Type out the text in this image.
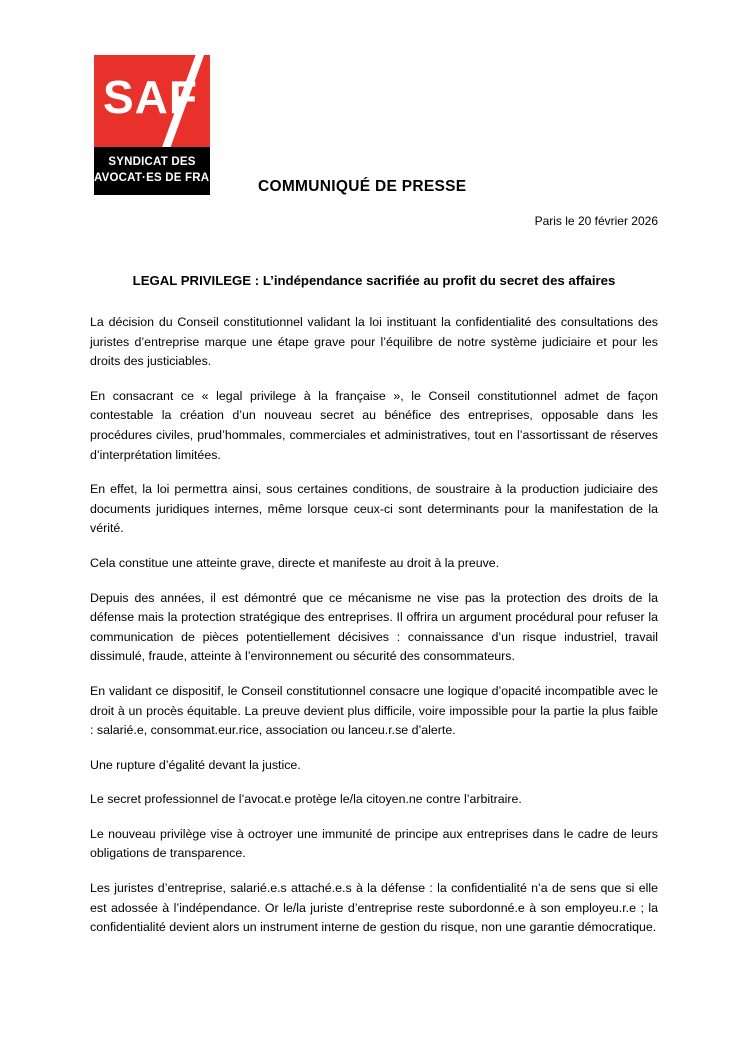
SAF
SYNDICAT DES
AVOCAT·ES DE FRANCE COMMUNIQUÉ DE PRESSE
Paris le 20 février 2026
LEGAL PRIVILEGE : L’indépendance sacrifiée au profit du secret des affaires

La décision du Conseil constitutionnel validant la loi instituant la confidentialité des consultations des juristes d’entreprise marque une étape grave pour l’équilibre de notre système judiciaire et pour les droits des justiciables.

En consacrant ce « legal privilege à la française », le Conseil constitutionnel admet de façon contestable la création d’un nouveau secret au bénéfice des entreprises, opposable dans les procédures civiles, prud’hommales, commerciales et administratives, tout en l’assortissant de réserves d’interprétation limitées.

En effet, la loi permettra ainsi, sous certaines conditions, de soustraire à la production judiciaire des documents juridiques internes, même lorsque ceux-ci sont determinants pour la manifestation de la vérité.

Cela constitue une atteinte grave, directe et manifeste au droit à la preuve.

Depuis des années, il est démontré que ce mécanisme ne vise pas la protection des droits de la défense mais la protection stratégique des entreprises. Il offrira un argument procédural pour refuser la communication de pièces potentiellement décisives : connaissance d’un risque industriel, travail dissimulé, fraude, atteinte à l’environnement ou sécurité des consommateurs.

En validant ce dispositif, le Conseil constitutionnel consacre une logique d’opacité incompatible avec le droit à un procès équitable. La preuve devient plus difficile, voire impossible pour la partie la plus faible : salarié.e, consommat.eur.rice, association ou lanceu.r.se d’alerte.

Une rupture d’égalité devant la justice.

Le secret professionnel de l’avocat.e protège le/la citoyen.ne contre l’arbitraire.

Le nouveau privilège vise à octroyer une immunité de principe aux entreprises dans le cadre de leurs obligations de transparence.

Les juristes d’entreprise, salarié.e.s attaché.e.s à la défense : la confidentialité n’a de sens que si elle est adossée à l’indépendance. Or le/la juriste d’entreprise reste subordonné.e à son employeu.r.e ; la confidentialité devient alors un instrument interne de gestion du risque, non une garantie démocratique.
